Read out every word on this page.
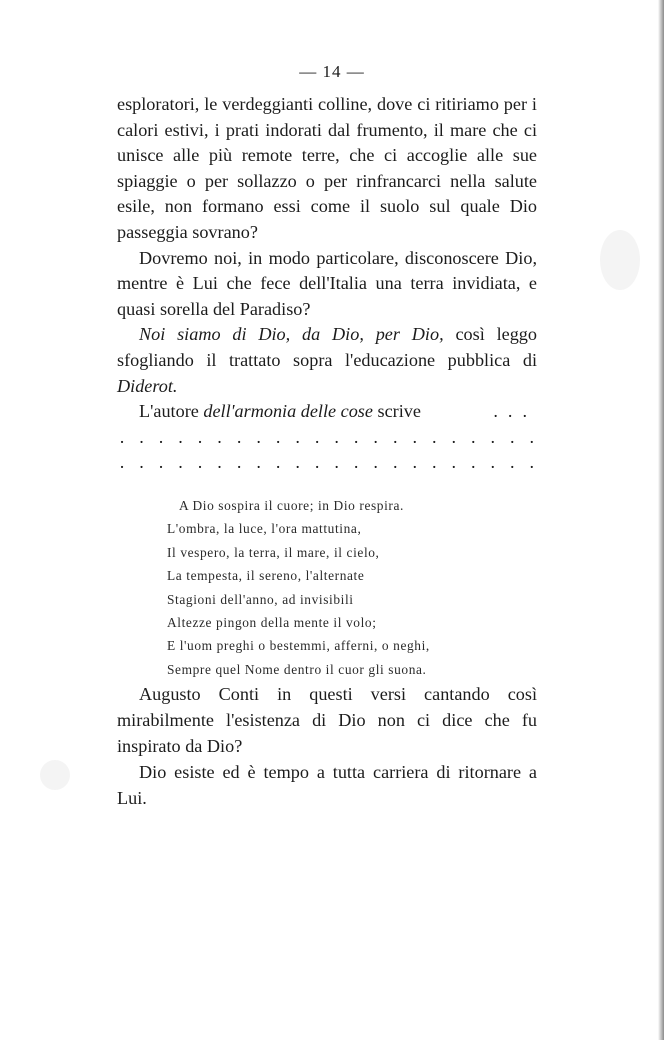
— 14 —

esploratori, le verdeggianti colline, dove ci ritiriamo per i calori estivi, i prati indorati dal frumento, il mare che ci unisce alle più remote terre, che ci accoglie alle sue spiaggie o per sollazzo o per rinfrancarci nella salute esile, non formano essi come il suolo sul quale Dio passeggia sovrano?

Dovremo noi, in modo particolare, disconoscere Dio, mentre è Lui che fece dell'Italia una terra invidiata, e quasi sorella del Paradiso?

Noi siamo di Dio, da Dio, per Dio, così leggo sfogliando il trattato sopra l'educazione pubblica di Diderot.

L'autore dell'armonia delle cose scrive	...

. . . . . . . . . . . . . . . . . . . . . .
. . . . . . . . . . . . . . . . . . . . . .
A Dio sospira il cuore; in Dio respira.
L'ombra, la luce, l'ora mattutina,
Il vespero, la terra, il mare, il cielo,
La tempesta, il sereno, l'alternate
Stagioni dell'anno, ad invisibili
Altezze pingon della mente il volo;
E l'uom preghi o bestemmi, afferni, o neghi,
Sempre quel Nome dentro il cuor gli suona.

Augusto Conti in questi versi cantando così mirabilmente l'esistenza di Dio non ci dice che fu inspirato da Dio?

Dio esiste ed è tempo a tutta carriera di ritornare a Lui.
